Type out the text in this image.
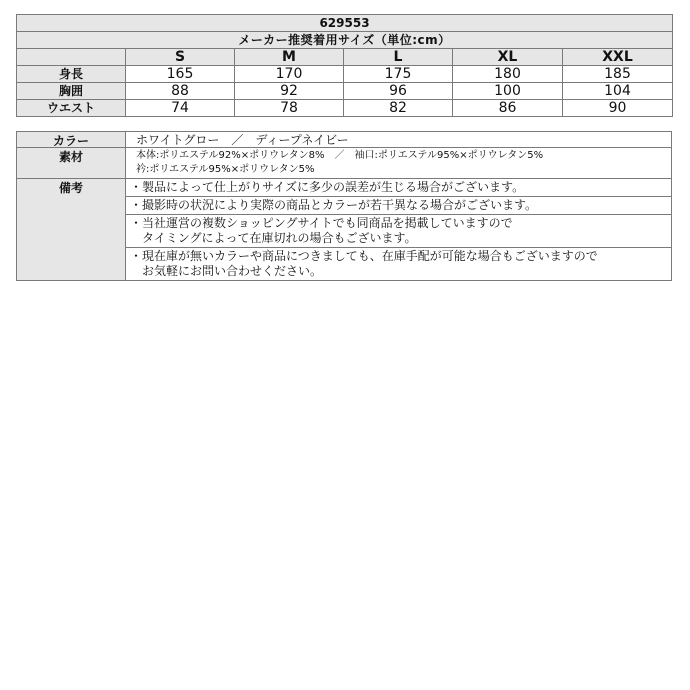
629553					
メーカー推奨着用サイズ（単位:cm）					
	S	M	L	XL	XXL
身長	165	170	175	180	185
胸囲	88	92	96	100	104
ウエスト	74	78	82	86	90
カラー	ホワイトグロー　／　ディープネイビー
素材	本体:ポリエステル92%×ポリウレタン8%　／　袖口:ポリエステル95%×ポリウレタン5%
衿:ポリエステル95%×ポリウレタン5%

備考	・製品によって仕上がりサイズに多少の誤差が生じる場合がございます。

	・撮影時の状況により実際の商品とカラーが若干異なる場合がございます。

	・当社運営の複数ショッピングサイトでも同商品を掲載していますので
　タイミングによって在庫切れの場合もございます。

	・現在庫が無いカラーや商品につきましても、在庫手配が可能な場合もございますので
　お気軽にお問い合わせください。
